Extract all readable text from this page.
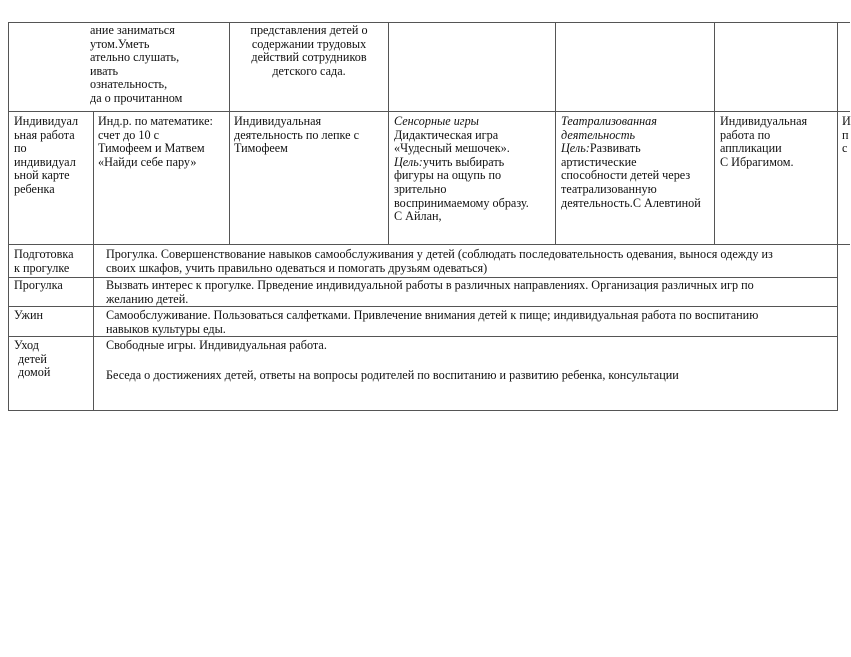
ание заниматься
утом.Уметь
ательно слушать,
ивать
ознательность,
да о прочитанном
представления детей о
содержании трудовых
действий сотрудников
детского сада.
Индивидуал
ьная работа
по
индивидуал
ьной карте
ребенка
Инд.р. по математике:
счет до 10 с
Тимофеем и Матвем
«Найди себе пару»
Индивидуальная
деятельность по лепке с
Тимофеем
Сенсорные игры
Дидактическая игра
«Чудесный мешочек».
Цель:учить выбирать
фигуры на ощупь по
зрительно
воспринимаемому образу.
С Айлан,
Театрализованная
деятельность
Цель:Развивать
артистические
способности детей через
театрализованную
деятельность.С Алевтиной
Индивидуальная
работа по
аппликации
С Ибрагимом.
И
п
с
Подготовка
к прогулке
Прогулка. Совершенствование навыков самообслуживания у детей (соблюдать последовательность одевания, вынося одежду из
своих шкафов, учить правильно одеваться и помогать друзьям одеваться)
Прогулка	Вызвать интерес к прогулке. Прведение индивидуальной работы в различных направлениях. Организация различных игр по
желанию детей.
Ужин	Самообслуживание. Пользоваться салфетками. Привлечение внимания детей к пище; индивидуальная работа по воспитанию
навыков культуры еды.
Уход
детей
домой
Свободные игры. Индивидуальная работа.
Беседа о достижениях детей, ответы на вопросы родителей по воспитанию и развитию ребенка, консультации
